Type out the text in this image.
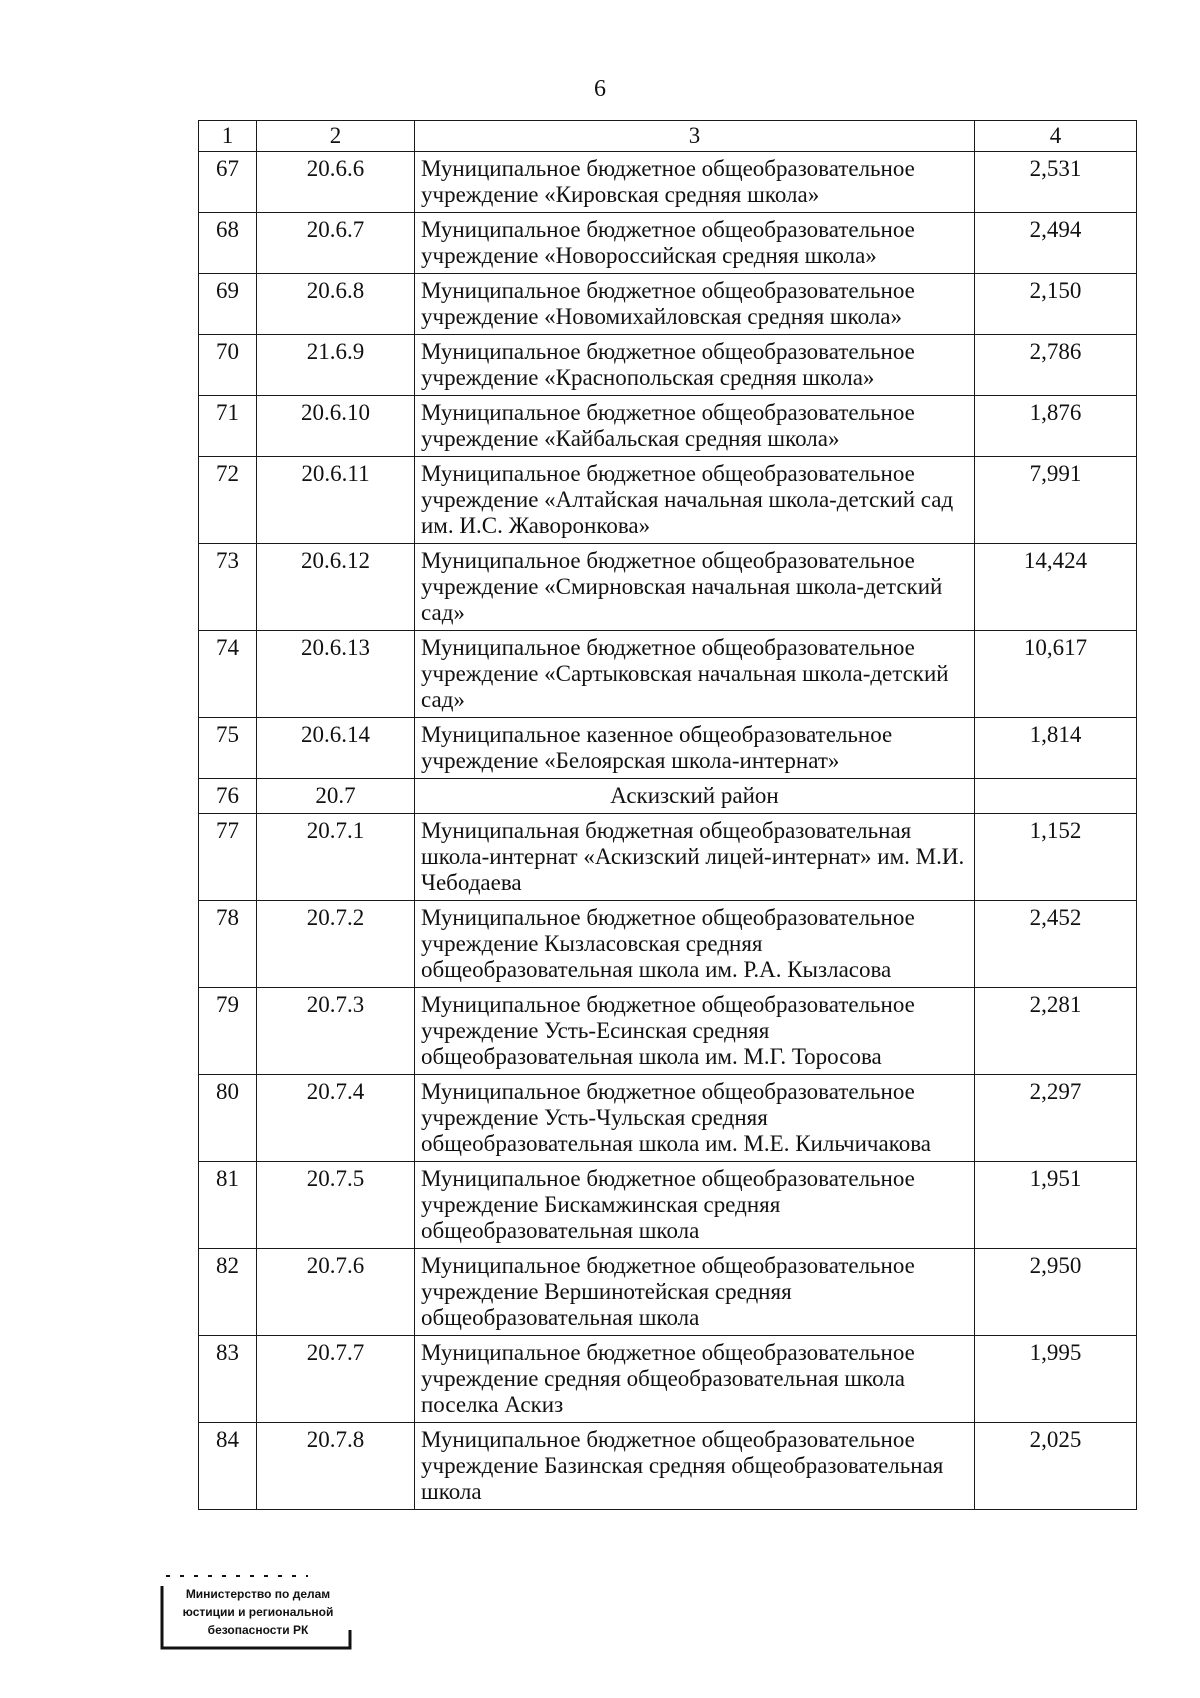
6
1	2	3	4
67	20.6.6	Муниципальное бюджетное общеобразовательное учреждение «Кировская средняя школа»	2,531
68	20.6.7	Муниципальное бюджетное общеобразовательное учреждение «Новороссийская средняя школа»	2,494
69	20.6.8	Муниципальное бюджетное общеобразовательное учреждение «Новомихайловская средняя школа»	2,150
70	21.6.9	Муниципальное бюджетное общеобразовательное учреждение «Краснопольская средняя школа»	2,786
71	20.6.10	Муниципальное бюджетное общеобразовательное учреждение «Кайбальская средняя школа»	1,876
72	20.6.11	Муниципальное бюджетное общеобразовательное учреждение «Алтайская начальная школа-детский сад им. И.С. Жаворонкова»	7,991
73	20.6.12	Муниципальное бюджетное общеобразовательное учреждение «Смирновская начальная школа-детский сад»	14,424
74	20.6.13	Муниципальное бюджетное общеобразовательное учреждение «Сартыковская начальная школа-детский сад»	10,617
75	20.6.14	Муниципальное казенное общеобразовательное учреждение «Белоярская школа-интернат»	1,814
76	20.7	Аскизский район	
77	20.7.1	Муниципальная бюджетная общеобразовательная школа-интернат «Аскизский лицей-интернат» им. М.И. Чебодаева	1,152
78	20.7.2	Муниципальное бюджетное общеобразовательное учреждение Кызласовская средняя общеобразовательная школа им. Р.А. Кызласова	2,452
79	20.7.3	Муниципальное бюджетное общеобразовательное учреждение Усть-Есинская средняя общеобразовательная школа им. М.Г. Торосова	2,281
80	20.7.4	Муниципальное бюджетное общеобразовательное учреждение Усть-Чульская средняя общеобразовательная школа им. М.Е. Кильчичакова	2,297
81	20.7.5	Муниципальное бюджетное общеобразовательное учреждение Бискамжинская средняя общеобразовательная школа	1,951
82	20.7.6	Муниципальное бюджетное общеобразовательное учреждение Вершинотейская средняя общеобразовательная школа	2,950
83	20.7.7	Муниципальное бюджетное общеобразовательное учреждение средняя общеобразовательная школа поселка Аскиз	1,995
84	20.7.8	Муниципальное бюджетное общеобразовательное учреждение Базинская средняя общеобразовательная школа	2,025
Министерство по делам
юстиции и региональной
безопасности РК
